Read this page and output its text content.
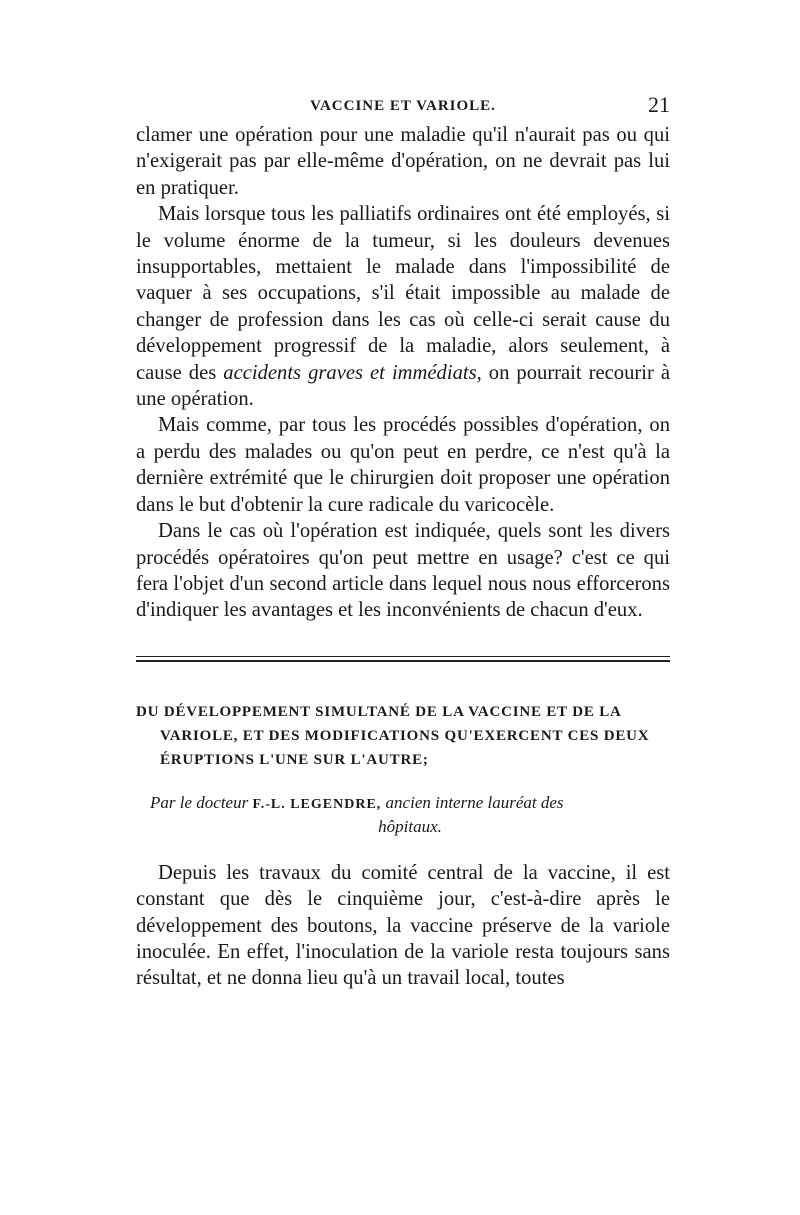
VACCINE ET VARIOLE.	21

clamer une opération pour une maladie qu'il n'aurait pas ou qui n'exigerait pas par elle-même d'opération, on ne devrait pas lui en pratiquer.

Mais lorsque tous les palliatifs ordinaires ont été employés, si le volume énorme de la tumeur, si les douleurs devenues insupportables, mettaient le malade dans l'impossibilité de vaquer à ses occupations, s'il était impossible au malade de changer de profession dans les cas où celle-ci serait cause du développement progressif de la maladie, alors seulement, à cause des accidents graves et immédiats, on pourrait recourir à une opération.

Mais comme, par tous les procédés possibles d'opération, on a perdu des malades ou qu'on peut en perdre, ce n'est qu'à la dernière extrémité que le chirurgien doit proposer une opération dans le but d'obtenir la cure radicale du varicocèle.

Dans le cas où l'opération est indiquée, quels sont les divers procédés opératoires qu'on peut mettre en usage? c'est ce qui fera l'objet d'un second article dans lequel nous nous efforcerons d'indiquer les avantages et les inconvénients de chacun d'eux.

DU DÉVELOPPEMENT SIMULTANÉ DE LA VACCINE ET DE LA
VARIOLE, ET DES MODIFICATIONS QU'EXERCENT CES DEUX
ÉRUPTIONS L'UNE SUR L'AUTRE;
Par le docteur F.-L. LEGENDRE, ancien interne lauréat des
hôpitaux.

Depuis les travaux du comité central de la vaccine, il est constant que dès le cinquième jour, c'est-à-dire après le développement des boutons, la vaccine préserve de la variole inoculée. En effet, l'inoculation de la variole resta toujours sans résultat, et ne donna lieu qu'à un travail local, toutes
